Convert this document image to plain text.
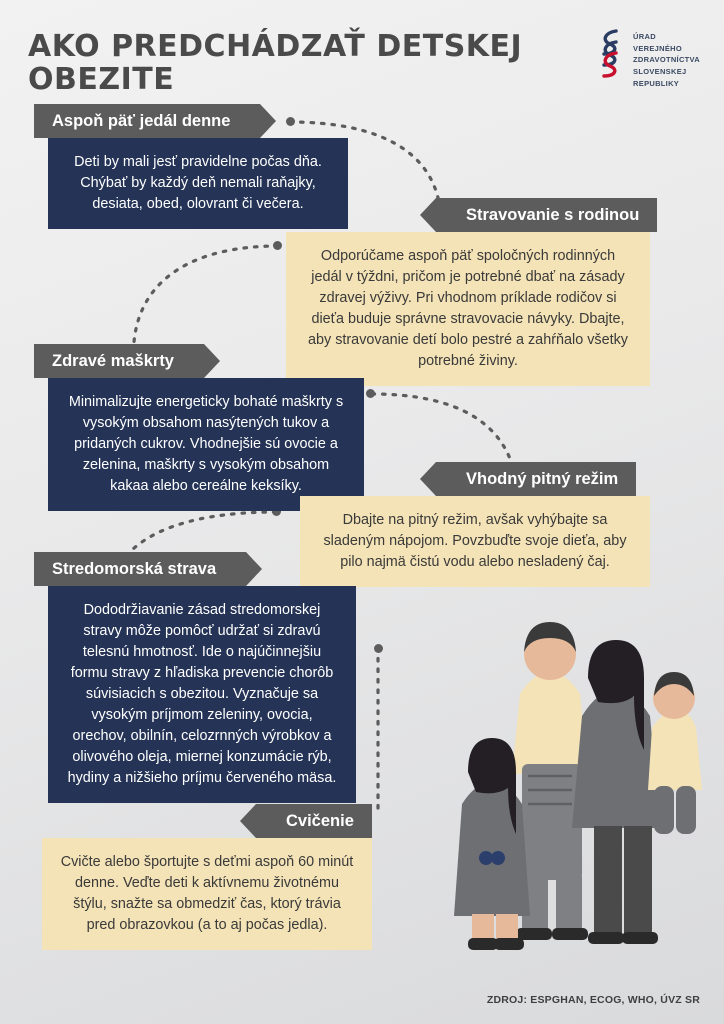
AKO PREDCHÁDZAŤ DETSKEJ OBEZITE
ÚRAD
VEREJNÉHO
ZDRAVOTNÍCTVA
SLOVENSKEJ
REPUBLIKY
Aspoň päť jedál denne
Deti by mali jesť pravidelne počas dňa. Chýbať by každý deň nemali raňajky, desiata, obed, olovrant či večera.
Stravovanie s rodinou
Odporúčame aspoň päť spoločných rodinných jedál v týždni, pričom je potrebné dbať na zásady zdravej výživy. Pri vhodnom príklade rodičov si dieťa buduje správne stravovacie návyky. Dbajte, aby stravovanie detí bolo pestré a zahŕňalo všetky potrebné živiny.
Zdravé maškrty
Minimalizujte energeticky bohaté maškrty s vysokým obsahom nasýtených tukov a pridaných cukrov. Vhodnejšie sú ovocie a zelenina, maškrty s vysokým obsahom kakaa alebo cereálne keksíky.	Vhodný pitný režim
Dbajte na pitný režim, avšak vyhýbajte sa sladeným nápojom. Povzbuďte svoje dieťa, aby pilo najmä čistú vodu alebo nesladený čaj.
Stredomorská strava
Dododržiavanie zásad stredomorskej stravy môže pomôcť udržať si zdravú telesnú hmotnosť. Ide o najúčinnejšiu formu stravy z hľadiska prevencie chorôb súvisiacich s obezitou. Vyznačuje sa vysokým príjmom zeleniny, ovocia, orechov, obilnín, celozrnných výrobkov a olivového oleja, miernej konzumácie rýb, hydiny a nižšieho príjmu červeného mäsa.
Cvičenie
Cvičte alebo športujte s deťmi aspoň 60 minút denne. Veďte deti k aktívnemu životnému štýlu, snažte sa obmedziť čas, ktorý trávia pred obrazovkou (a to aj počas jedla).
ZDROJ: ESPGHAN, ECOG, WHO, ÚVZ SR
